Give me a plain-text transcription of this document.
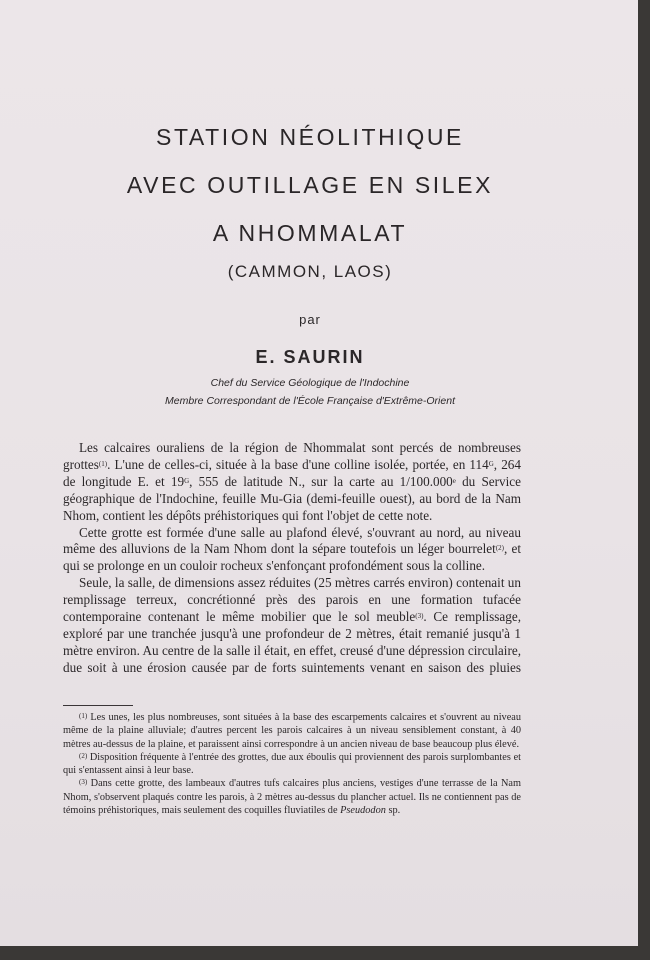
STATION NÉOLITHIQUE
AVEC OUTILLAGE EN SILEX
A NHOMMALAT
(CAMMON, LAOS)
par
E. SAURIN
Chef du Service Géologique de l'Indochine
Membre Correspondant de l'École Française d'Extrême-Orient

Les calcaires ouraliens de la région de Nhommalat sont percés de nombreuses grottes$^{(1)}$. L'une de celles-ci, située à la base d'une colline isolée, portée, en $114^G$, 264 de longitude E. et $19^G$, 555 de latitude N., sur la carte au 1/100.000e du Service géographique de l'Indochine, feuille Mu-Gia (demi-feuille ouest), au bord de la Nam Nhom, contient les dépôts préhistoriques qui font l'objet de cette note.

Cette grotte est formée d'une salle au plafond élevé, s'ouvrant au nord, au niveau même des alluvions de la Nam Nhom dont la sépare toutefois un léger bourrelet$^{(2)}$, et qui se prolonge en un couloir rocheux s'enfonçant profondément sous la colline.

Seule, la salle, de dimensions assez réduites (25 mètres carrés environ) contenait un remplissage terreux, concrétionné près des parois en une formation tufacée contemporaine contenant le même mobilier que le sol meuble$^{(3)}$. Ce remplissage, exploré par une tranchée jusqu'à une profondeur de 2 mètres, était remanié jusqu'à 1 mètre environ. Au centre de la salle il était, en effet, creusé d'une dépression circulaire, due soit à une érosion causée par de forts suintements venant en saison des pluies

$^{(1)}$ Les unes, les plus nombreuses, sont situées à la base des escarpements calcaires et s'ouvrent au niveau même de la plaine alluviale; d'autres percent les parois calcaires à un niveau sensiblement constant, à 40 mètres au-dessus de la plaine, et paraissent ainsi correspondre à un ancien niveau de base beaucoup plus élevé.

$^{(2)}$ Disposition fréquente à l'entrée des grottes, due aux éboulis qui proviennent des parois surplombantes et qui s'entassent ainsi à leur base.

$^{(3)}$ Dans cette grotte, des lambeaux d'autres tufs calcaires plus anciens, vestiges d'une terrasse de la Nam Nhom, s'observent plaqués contre les parois, à 2 mètres au-dessus du plancher actuel. Ils ne contiennent pas de témoins préhistoriques, mais seulement des coquilles fluviatiles de Pseudodon sp.
